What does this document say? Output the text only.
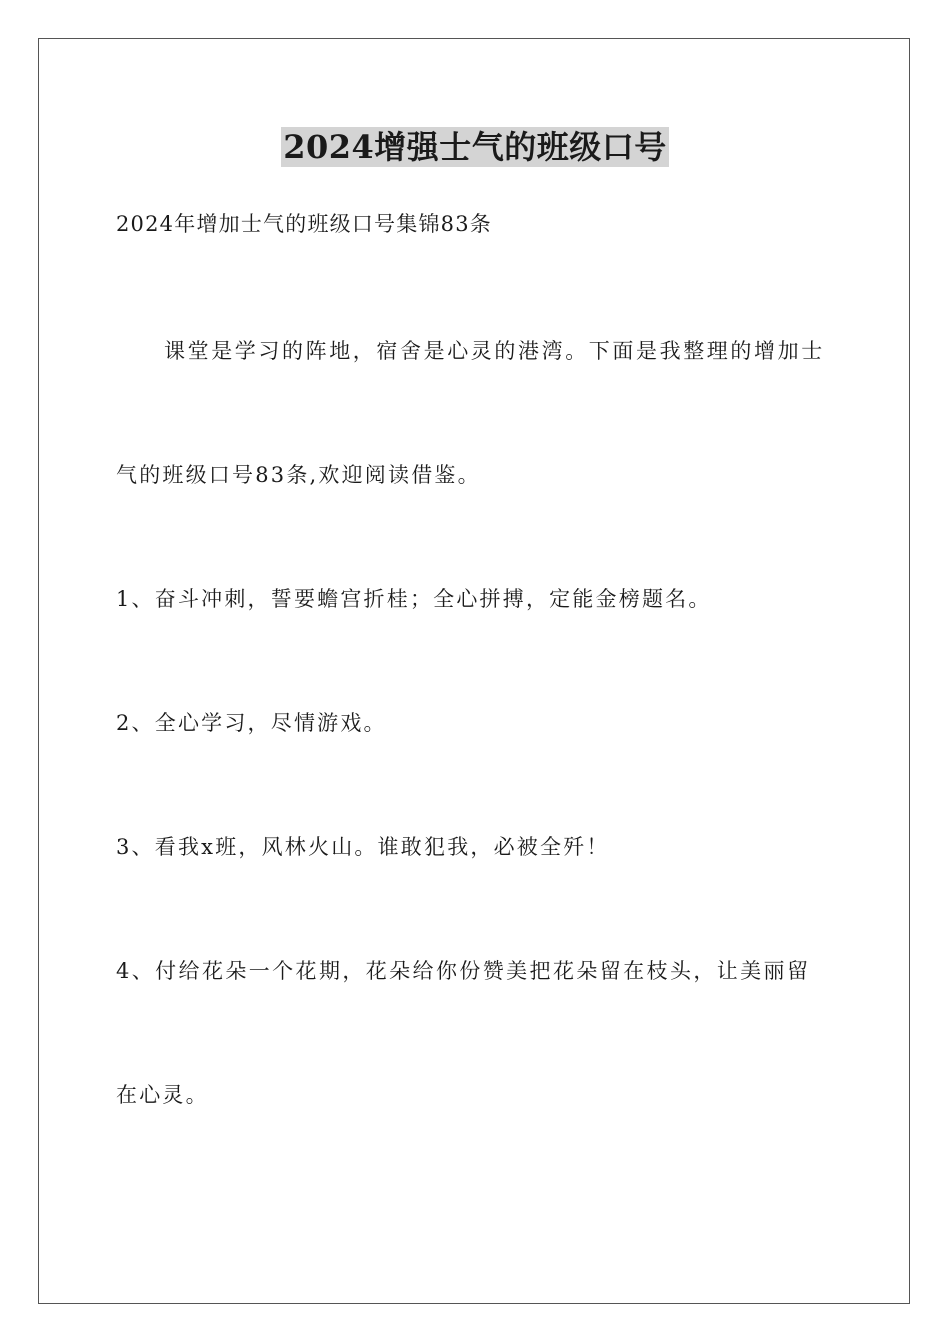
2024增强士气的班级口号
2024年增加士气的班级口号集锦83条
课堂是学习的阵地，宿舍是心灵的港湾。下面是我整理的增加士
气的班级口号83条,欢迎阅读借鉴。
1、奋斗冲刺，誓要蟾宫折桂；全心拼搏，定能金榜题名。
2、全心学习，尽情游戏。
3、看我x班，风林火山。谁敢犯我，必被全歼！
4、付给花朵一个花期，花朵给你份赞美把花朵留在枝头，让美丽留
在心灵。
